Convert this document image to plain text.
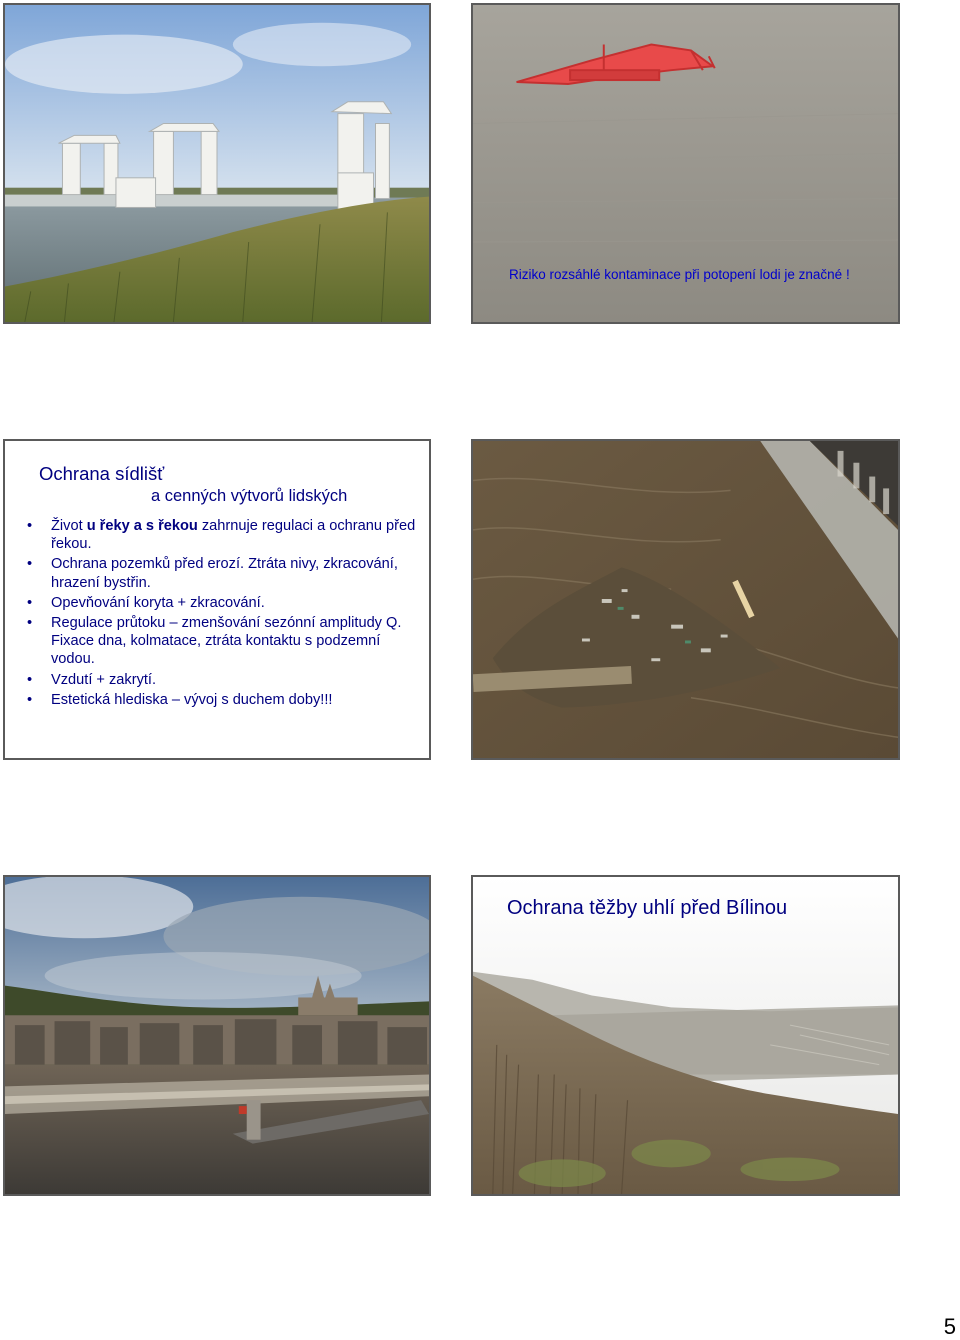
Riziko rozsáhlé kontaminace při potopení lodi je značné !
Ochrana sídlišť
a cenných výtvorů lidských
• Život u řeky a s řekou zahrnuje regulaci a ochranu před řekou.
• Ochrana pozemků před erozí. Ztráta nivy, zkracování, hrazení bystřin.
• Opevňování koryta + zkracování.
• Regulace průtoku – zmenšování sezónní amplitudy Q. Fixace dna, kolmatace, ztráta kontaktu s podzemní vodou.
• Vzdutí + zakrytí.
• Estetická hlediska – vývoj s duchem doby!!!
Ochrana těžby uhlí před Bílinou
5
